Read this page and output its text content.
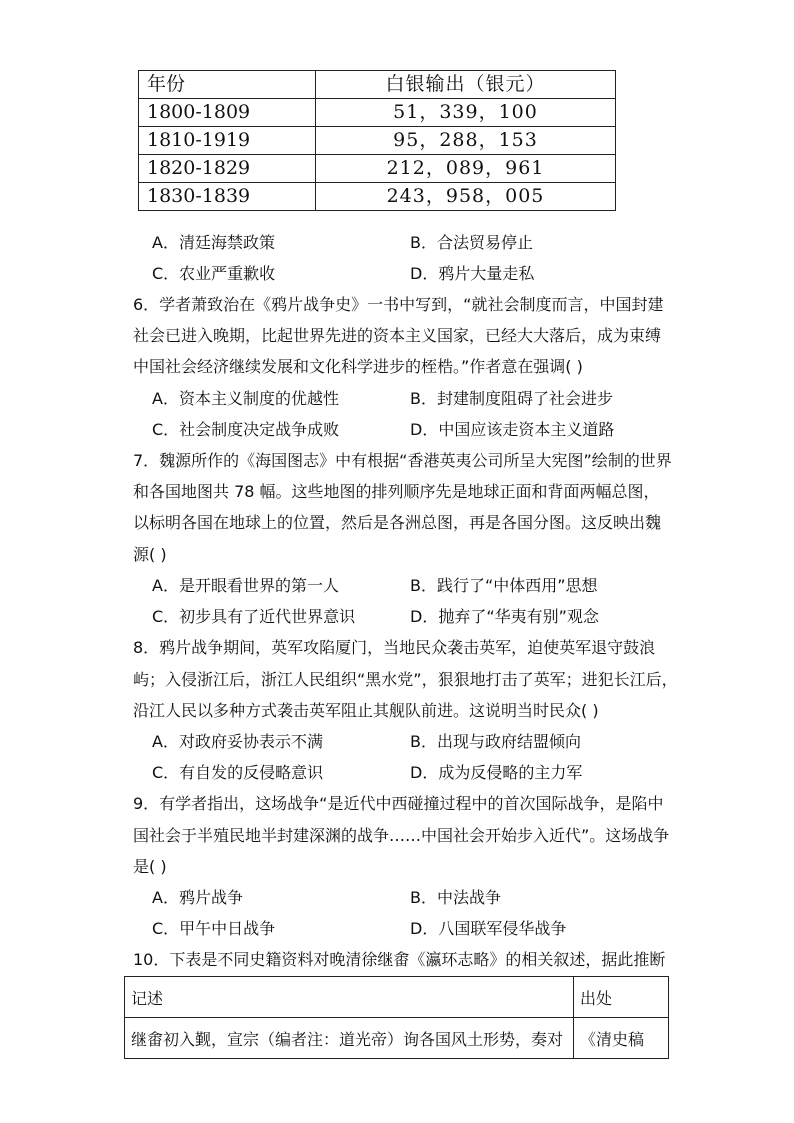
年份	白银输出（银元）
1800-1809	51，339，100
1810-1919	95，288，153
1820-1829	212，089，961
1830-1839	243，958，005
A．清廷海禁政策	B．合法贸易停止
C．农业严重歉收	D．鸦片大量走私
6．学者萧致治在《鸦片战争史》一书中写到，“就社会制度而言，中国封建
社会已进入晚期，比起世界先进的资本主义国家，已经大大落后，成为束缚
中国社会经济继续发展和文化科学进步的桎梏。”作者意在强调( )
A．资本主义制度的优越性	B．封建制度阻碍了社会进步
C．社会制度决定战争成败	D．中国应该走资本主义道路
7．魏源所作的《海国图志》中有根据“香港英夷公司所呈大宪图”绘制的世界
和各国地图共 78 幅。这些地图的排列顺序先是地球正面和背面两幅总图，
以标明各国在地球上的位置，然后是各洲总图，再是各国分图。这反映出魏
源( )
A．是开眼看世界的第一人	B．践行了“中体西用”思想
C．初步具有了近代世界意识	D．抛弃了“华夷有别”观念
8．鸦片战争期间，英军攻陷厦门，当地民众袭击英军，迫使英军退守鼓浪
屿；入侵浙江后，浙江人民组织“黑水党”，狠狠地打击了英军；进犯长江后，
沿江人民以多种方式袭击英军阻止其舰队前进。这说明当时民众( )
A．对政府妥协表示不满	B．出现与政府结盟倾向
C．有自发的反侵略意识	D．成为反侵略的主力军
9．有学者指出，这场战争“是近代中西碰撞过程中的首次国际战争，是陷中
国社会于半殖民地半封建深渊的战争……中国社会开始步入近代”。这场战争
是( )
A．鸦片战争	B．中法战争
C．甲午中日战争	D．八国联军侵华战争
10．下表是不同史籍资料对晚清徐继畬《瀛环志略》的相关叙述，据此推断
记述	出处
继畬初入觐，宣宗（编者注：道光帝）询各国风土形势，奏对	《清史稿
